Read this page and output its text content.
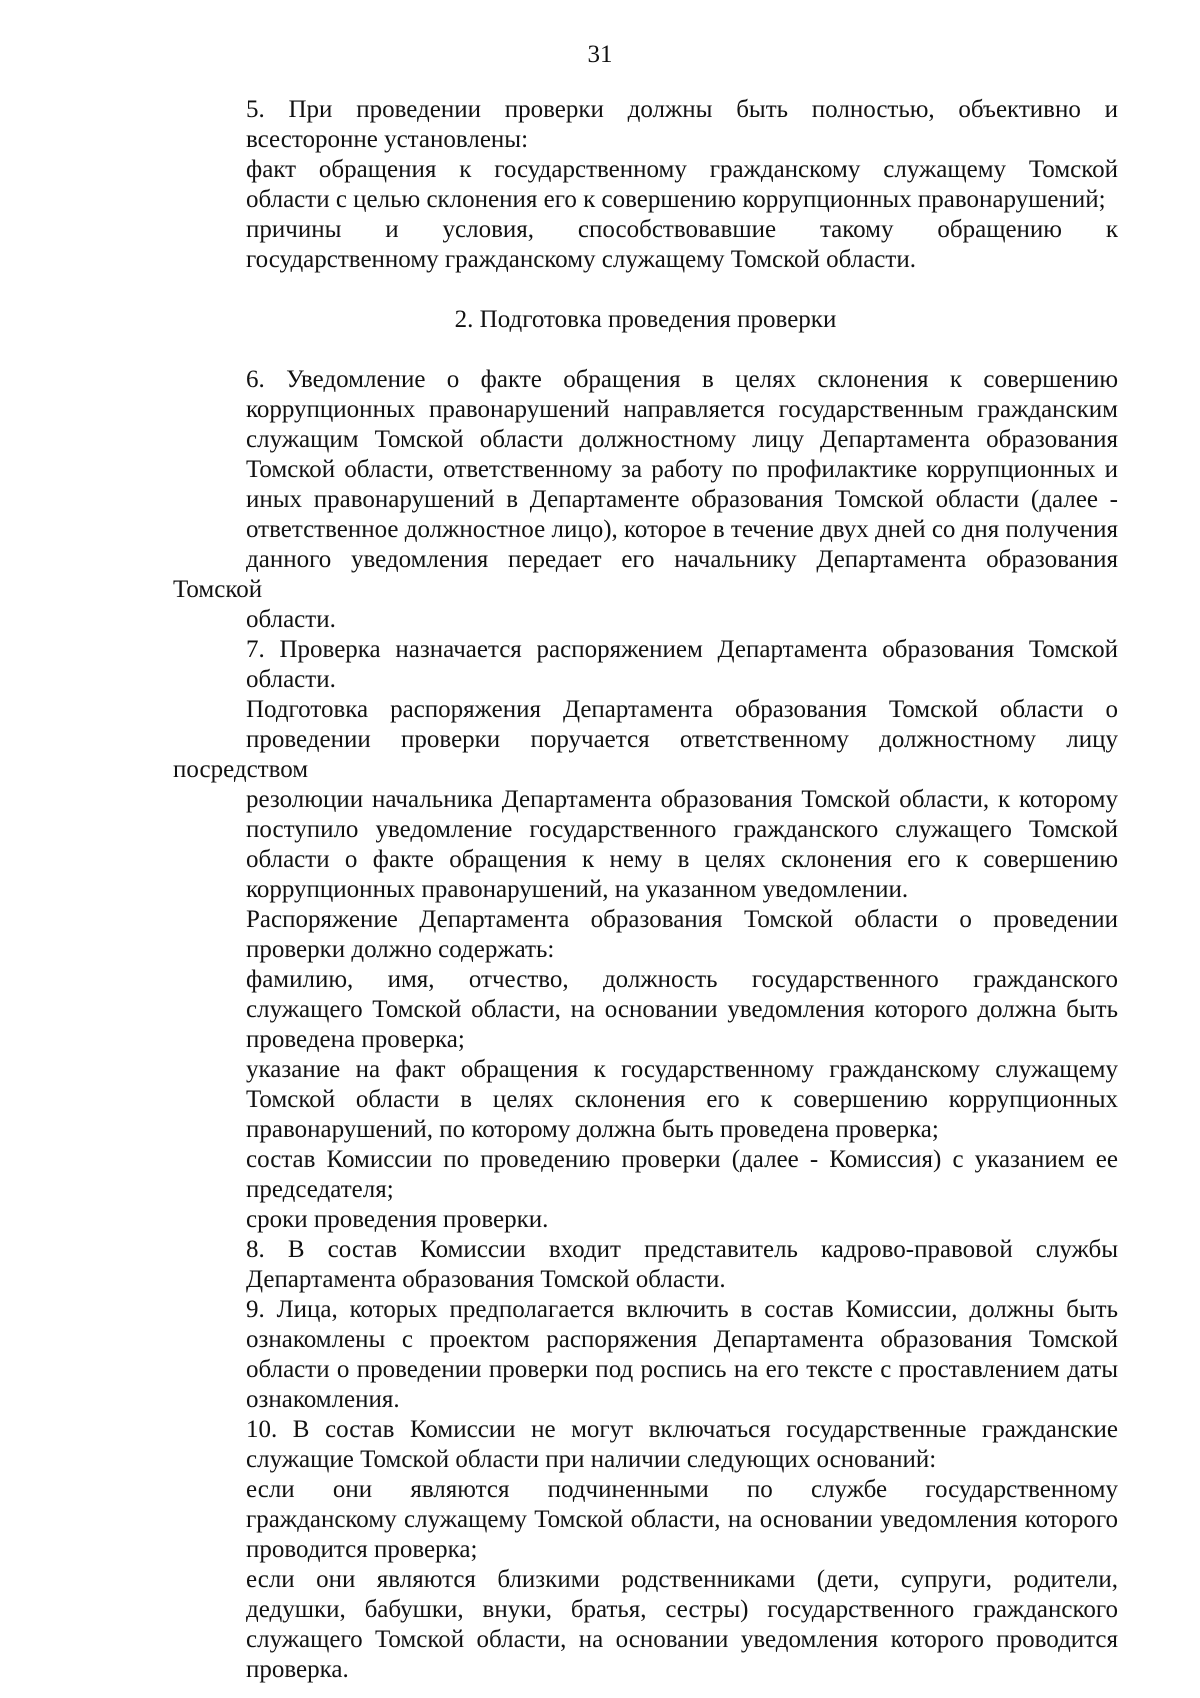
31
5. При проведении проверки должны быть полностью, объективно и
всесторонне установлены:
факт обращения к государственному гражданскому служащему Томской
области с целью склонения его к совершению коррупционных правонарушений;
причины и условия, способствовавшие такому обращению к
государственному гражданскому служащему Томской области.
2. Подготовка проведения проверки
6. Уведомление о факте обращения в целях склонения к совершению
коррупционных правонарушений направляется государственным гражданским
служащим Томской области должностному лицу Департамента образования
Томской области, ответственному за работу по профилактике коррупционных и
иных правонарушений в Департаменте образования Томской области (далее -
ответственное должностное лицо), которое в течение двух дней со дня получения
данного уведомления передает его начальнику Департамента образования Томской
области.
7. Проверка назначается распоряжением Департамента образования Томской
области.
Подготовка распоряжения Департамента образования Томской области о
проведении проверки поручается ответственному должностному лицу посредством
резолюции начальника Департамента образования Томской области, к которому
поступило уведомление государственного гражданского служащего Томской
области о факте обращения к нему в целях склонения его к совершению
коррупционных правонарушений, на указанном уведомлении.
Распоряжение Департамента образования Томской области о проведении
проверки должно содержать:
фамилию, имя, отчество, должность государственного гражданского
служащего Томской области, на основании уведомления которого должна быть
проведена проверка;
указание на факт обращения к государственному гражданскому служащему
Томской области в целях склонения его к совершению коррупционных
правонарушений, по которому должна быть проведена проверка;
состав Комиссии по проведению проверки (далее - Комиссия) с указанием ее
председателя;
сроки проведения проверки.
8. В состав Комиссии входит представитель кадрово-правовой службы
Департамента образования Томской области.
9. Лица, которых предполагается включить в состав Комиссии, должны быть
ознакомлены с проектом распоряжения Департамента образования Томской
области о проведении проверки под роспись на его тексте с проставлением даты
ознакомления.
10. В состав Комиссии не могут включаться государственные гражданские
служащие Томской области при наличии следующих оснований:
если они являются подчиненными по службе государственному
гражданскому служащему Томской области, на основании уведомления которого
проводится проверка;
если они являются близкими родственниками (дети, супруги, родители,
дедушки, бабушки, внуки, братья, сестры) государственного гражданского
служащего Томской области, на основании уведомления которого проводится
проверка.
